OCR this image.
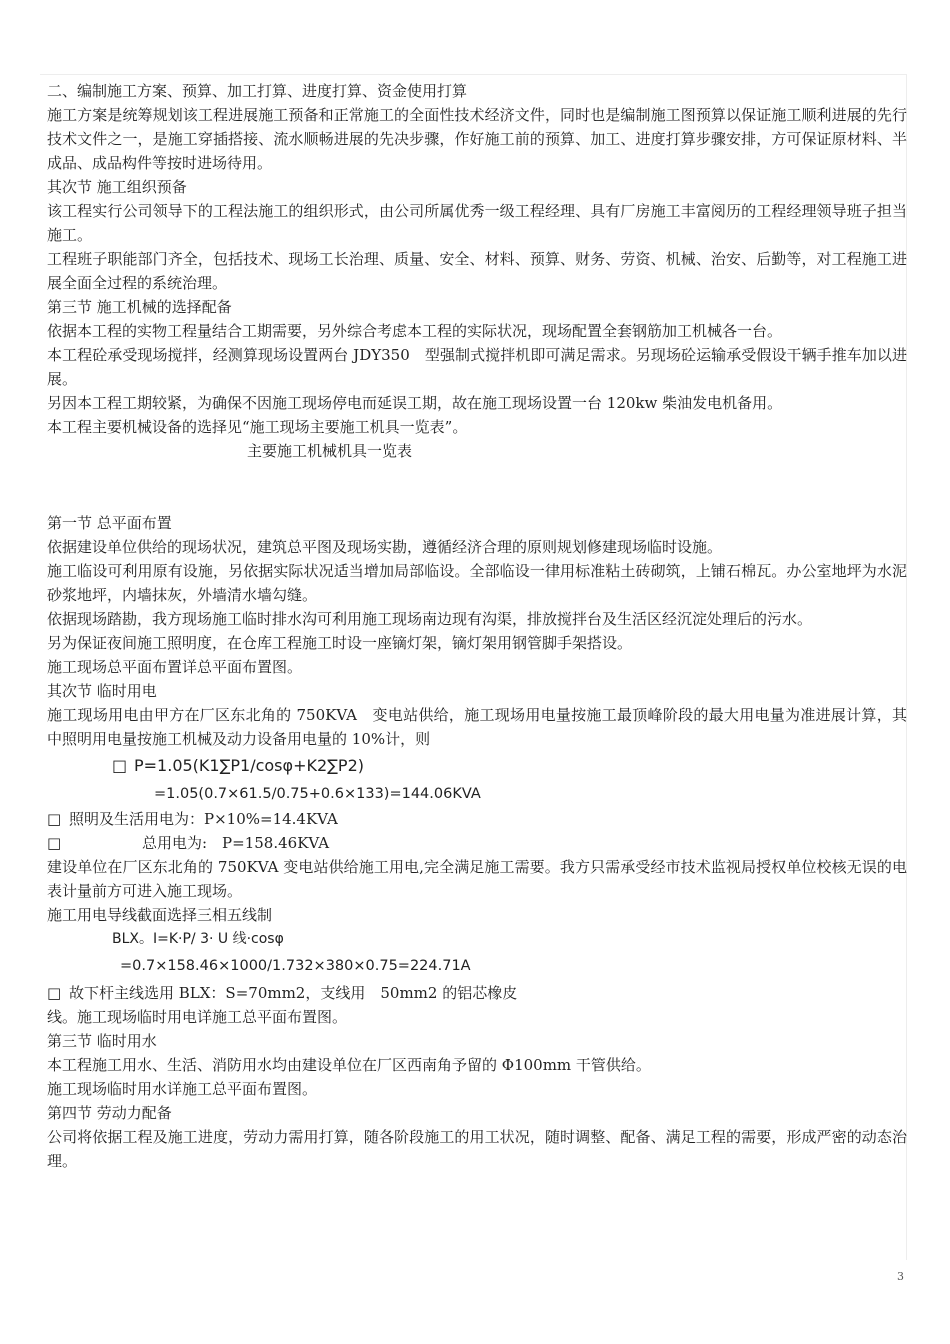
二、编制施工方案、预算、加工打算、进度打算、资金使用打算

施工方案是统筹规划该工程进展施工预备和正常施工的全面性技术经济文件，同时也是编制施工图预算以保证施工顺利进展的先行技术文件之一，是施工穿插搭接、流水顺畅进展的先决步骤，作好施工前的预算、加工、进度打算步骤安排，方可保证原材料、半成品、成品构件等按时进场待用。

其次节 施工组织预备

该工程实行公司领导下的工程法施工的组织形式，由公司所属优秀一级工程经理、具有厂房施工丰富阅历的工程经理领导班子担当施工。

工程班子职能部门齐全，包括技术、现场工长治理、质量、安全、材料、预算、财务、劳资、机械、治安、后勤等，对工程施工进展全面全过程的系统治理。

第三节 施工机械的选择配备

依据本工程的实物工程量结合工期需要，另外综合考虑本工程的实际状况，现场配置全套钢筋加工机械各一台。

本工程砼承受现场搅拌，经测算现场设置两台 JDY350　型强制式搅拌机即可满足需求。另现场砼运输承受假设干辆手推车加以进展。

另因本工程工期较紧，为确保不因施工现场停电而延误工期，故在施工现场设置一台 120kw 柴油发电机备用。

本工程主要机械设备的选择见“施工现场主要施工机具一览表”。

主要施工机械机具一览表
第一节 总平面布置

依据建设单位供给的现场状况，建筑总平图及现场实勘，遵循经济合理的原则规划修建现场临时设施。

施工临设可利用原有设施，另依据实际状况适当增加局部临设。全部临设一律用标准粘土砖砌筑，上铺石棉瓦。办公室地坪为水泥砂浆地坪，内墙抹灰，外墙清水墙勾缝。

依据现场踏勘，我方现场施工临时排水沟可利用施工现场南边现有沟渠，排放搅拌台及生活区经沉淀处理后的污水。

另为保证夜间施工照明度，在仓库工程施工时设一座镝灯架，镝灯架用钢管脚手架搭设。

施工现场总平面布置详总平面布置图。

其次节 临时用电

施工现场用电由甲方在厂区东北角的 750KVA　变电站供给，施工现场用电量按施工最顶峰阶段的最大用电量为准进展计算，其中照明用电量按施工机械及动力设备用电量的 10%计，则

□ P=1.05(K1∑P1/cosφ+K2∑P2)
=1.05(0.7×61.5/0.75+0.6×133)=144.06KVA
□ 照明及生活用电为：P×10%=14.4KVA
□	总用电为:　P=158.46KVA

建设单位在厂区东北角的 750KVA 变电站供给施工用电,完全满足施工需要。我方只需承受经市技术监视局授权单位校核无误的电表计量前方可进入施工现场。

施工用电导线截面选择三相五线制
BLX。I=K·P/ 3· U 线·cosφ
=0.7×158.46×1000/1.732×380×0.75=224.71A
□ 故下杆主线选用 BLX：S=70mm2，支线用　50mm2 的铝芯橡皮
线。施工现场临时用电详施工总平面布置图。
第三节 临时用水

本工程施工用水、生活、消防用水均由建设单位在厂区西南角予留的 Φ100mm 干管供给。

施工现场临时用水详施工总平面布置图。
第四节 劳动力配备

公司将依据工程及施工进度，劳动力需用打算，随各阶段施工的用工状况，随时调整、配备、满足工程的需要，形成严密的动态治理。

3
